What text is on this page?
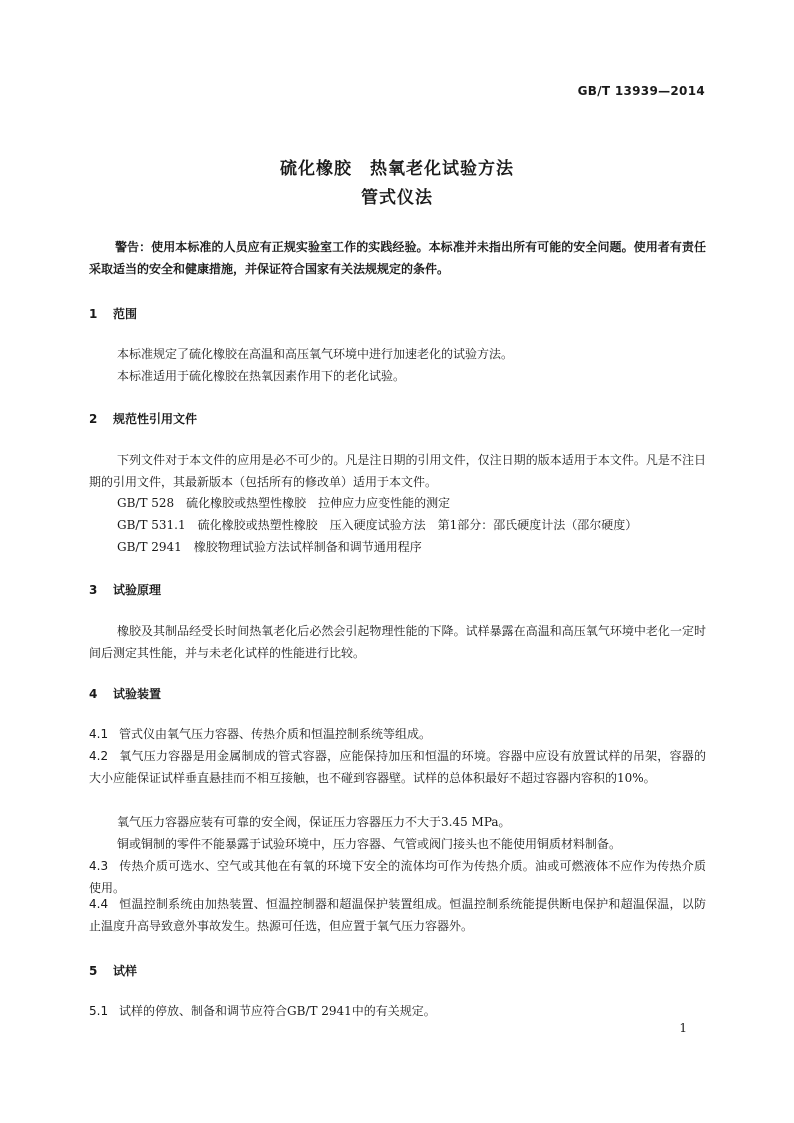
GB/T 13939—2014
硫化橡胶　热氧老化试验方法
管式仪法
警告：使用本标准的人员应有正规实验室工作的实践经验。本标准并未指出所有可能的安全问题。使用者有责任采取适当的安全和健康措施，并保证符合国家有关法规规定的条件。
1 范围
本标准规定了硫化橡胶在高温和高压氧气环境中进行加速老化的试验方法。
本标准适用于硫化橡胶在热氧因素作用下的老化试验。
2 规范性引用文件
下列文件对于本文件的应用是必不可少的。凡是注日期的引用文件，仅注日期的版本适用于本文件。凡是不注日期的引用文件，其最新版本（包括所有的修改单）适用于本文件。
GB/T 528　硫化橡胶或热塑性橡胶　拉伸应力应变性能的测定
GB/T 531.1　硫化橡胶或热塑性橡胶　压入硬度试验方法　第1部分：邵氏硬度计法（邵尔硬度）
GB/T 2941　橡胶物理试验方法试样制备和调节通用程序
3 试验原理
橡胶及其制品经受长时间热氧老化后必然会引起物理性能的下降。试样暴露在高温和高压氧气环境中老化一定时间后测定其性能，并与未老化试样的性能进行比较。
4 试验装置
4.1 管式仪由氧气压力容器、传热介质和恒温控制系统等组成。
4.2 氧气压力容器是用金属制成的管式容器，应能保持加压和恒温的环境。容器中应设有放置试样的吊架，容器的大小应能保证试样垂直悬挂而不相互接触，也不碰到容器壁。试样的总体积最好不超过容器内容积的10%。
氧气压力容器应装有可靠的安全阀，保证压力容器压力不大于3.45 MPa。
铜或铜制的零件不能暴露于试验环境中，压力容器、气管或阀门接头也不能使用铜质材料制备。
4.3 传热介质可选水、空气或其他在有氧的环境下安全的流体均可作为传热介质。油或可燃液体不应作为传热介质使用。
4.4 恒温控制系统由加热装置、恒温控制器和超温保护装置组成。恒温控制系统能提供断电保护和超温保温，以防止温度升高导致意外事故发生。热源可任选，但应置于氧气压力容器外。
5 试样
5.1 试样的停放、制备和调节应符合GB/T 2941中的有关规定。
1
